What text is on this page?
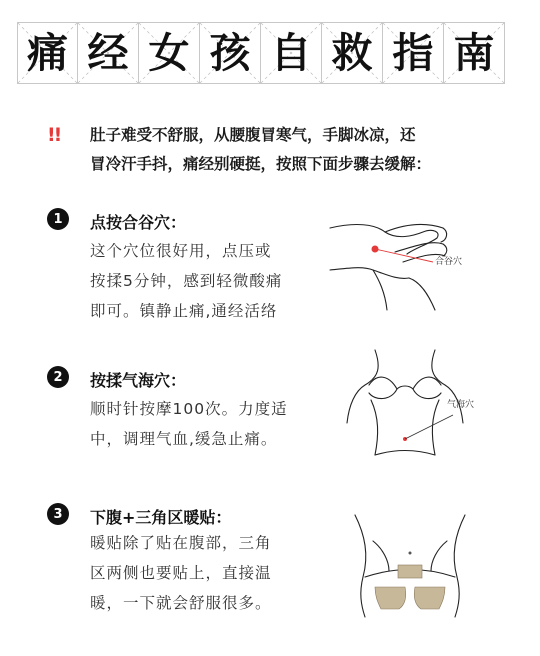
痛 经 女 孩 自 救 指 南
!! 肚子难受不舒服，从腰腹冒寒气，手脚冰凉，还
冒冷汗手抖，痛经别硬挺，按照下面步骤去缓解：
1	点按合谷穴：
这个穴位很好用，点压或
按揉5分钟，感到轻微酸痛
即可。镇静止痛,通经活络
合谷穴
2	按揉气海穴：
顺时针按摩100次。力度适
中，调理气血,缓急止痛。
气海穴
3	下腹+三角区暖贴：
暖贴除了贴在腹部，三角
区两侧也要贴上，直接温
暖，一下就会舒服很多。
